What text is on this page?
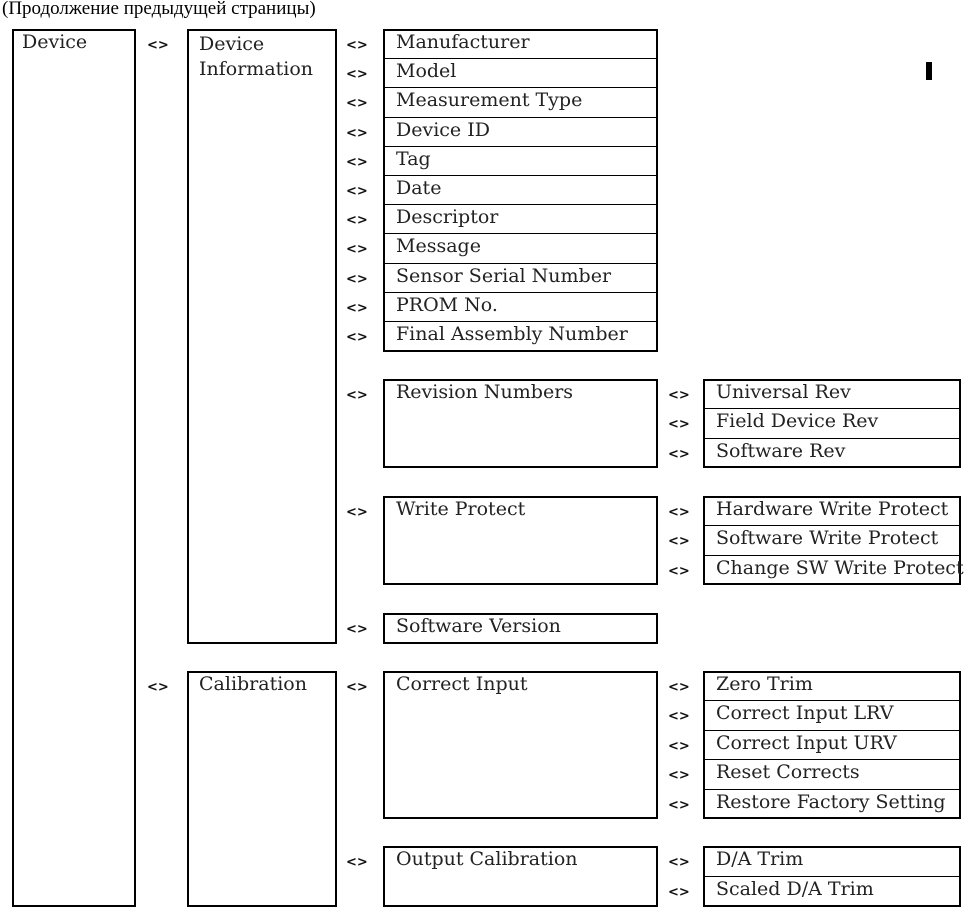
(Продолжение предыдущей страницы)
Device	<> Device Information
<> Calibration
<> Manufacturer
<> Model
<> Measurement Type
<> Device ID
<> Tag
<> Date
<> Descriptor
<> Message
<> Sensor Serial Number
<> PROM No.
<> Final Assembly Number
<> Revision Numbers
<> Write Protect
<> Software Version
<> Correct Input
<> Output Calibration
<> Universal Rev
<> Field Device Rev
<> Software Rev
<> Hardware Write Protect
<> Software Write Protect
<> Change SW Write Protect
<> Zero Trim
<> Correct Input LRV
<> Correct Input URV
<> Reset Corrects
<> Restore Factory Setting
<> D/A Trim
<> Scaled D/A Trim
